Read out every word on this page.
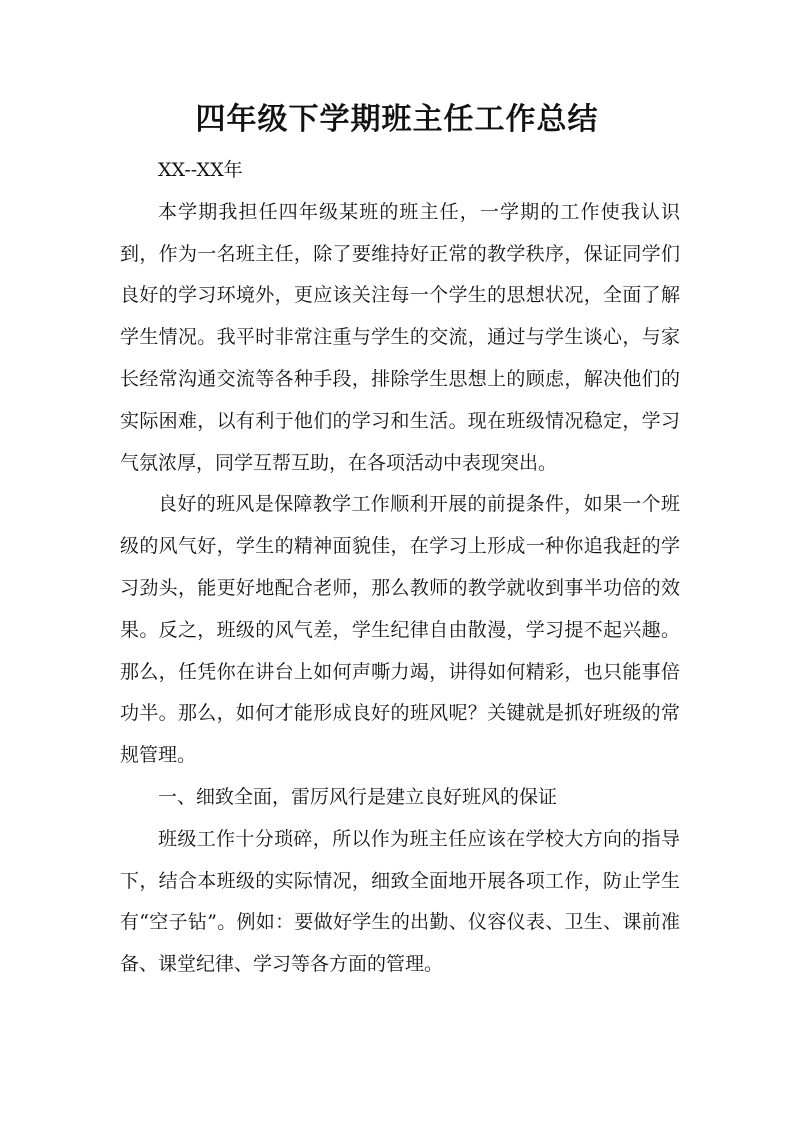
四年级下学期班主任工作总结

XX--XX年

本学期我担任四年级某班的班主任，一学期的工作使我认识到，作为一名班主任，除了要维持好正常的教学秩序，保证同学们良好的学习环境外，更应该关注每一个学生的思想状况，全面了解学生情况。我平时非常注重与学生的交流，通过与学生谈心，与家长经常沟通交流等各种手段，排除学生思想上的顾虑，解决他们的实际困难，以有利于他们的学习和生活。现在班级情况稳定，学习气氛浓厚，同学互帮互助，在各项活动中表现突出。

良好的班风是保障教学工作顺利开展的前提条件，如果一个班级的风气好，学生的精神面貌佳，在学习上形成一种你追我赶的学习劲头，能更好地配合老师，那么教师的教学就收到事半功倍的效果。反之，班级的风气差，学生纪律自由散漫，学习提不起兴趣。那么，任凭你在讲台上如何声嘶力竭，讲得如何精彩，也只能事倍功半。那么，如何才能形成良好的班风呢？关键就是抓好班级的常规管理。

一、细致全面，雷厉风行是建立良好班风的保证

班级工作十分琐碎，所以作为班主任应该在学校大方向的指导下，结合本班级的实际情况，细致全面地开展各项工作，防止学生有“空子钻”。例如：要做好学生的出勤、仪容仪表、卫生、课前准备、课堂纪律、学习等各方面的管理。
